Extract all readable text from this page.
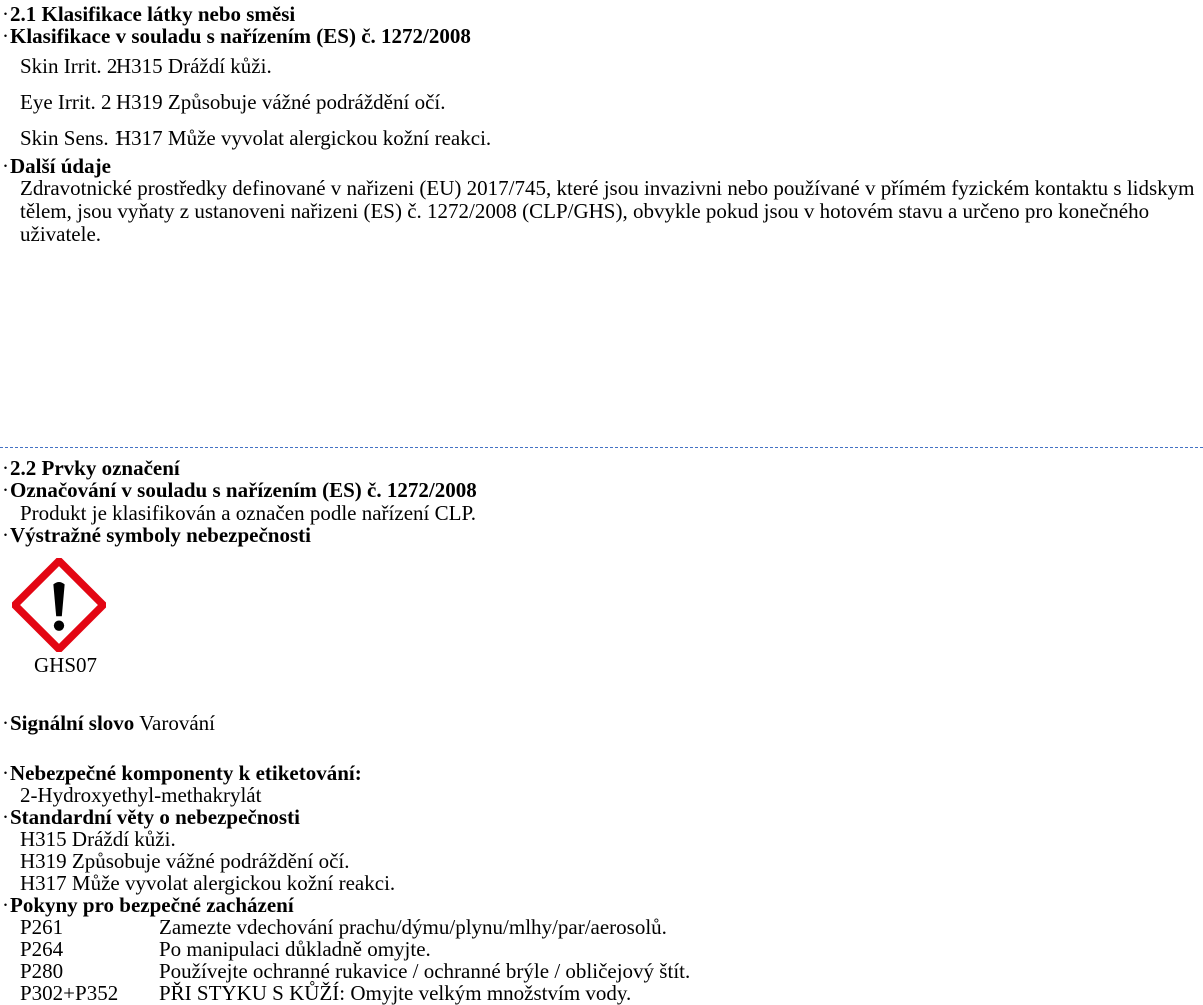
·2.1 Klasifikace látky nebo směsi
·Klasifikace v souladu s nařízením (ES) č. 1272/2008
Skin Irrit. 2H315 Dráždí kůži.
Eye Irrit. 2 H319 Způsobuje vážné podráždění očí.
Skin Sens. 1H317 Může vyvolat alergickou kožní reakci.
·Další údaje
Zdravotnické prostředky definované v nařizeni (EU) 2017/745, které jsou invazivni nebo používané v přímém fyzickém kontaktu s lidskym tělem, jsou vyňaty z ustanoveni nařizeni (ES) č. 1272/2008 (CLP/GHS), obvykle pokud jsou v hotovém stavu a určeno pro konečného uživatele.
·2.2 Prvky označení
·Označování v souladu s nařízením (ES) č. 1272/2008
Produkt je klasifikován a označen podle nařízení CLP.
·Výstražné symboly nebezpečnosti
GHS07
·Signální slovo Varování
·Nebezpečné komponenty k etiketování:
2-Hydroxyethyl-methakrylát
·Standardní věty o nebezpečnosti
H315 Dráždí kůži.
H319 Způsobuje vážné podráždění očí.
H317 Může vyvolat alergickou kožní reakci.
·Pokyny pro bezpečné zacházení
P261	Zamezte vdechování prachu/dýmu/plynu/mlhy/par/aerosolů.
P264	Po manipulaci důkladně omyjte.
P280	Používejte ochranné rukavice / ochranné brýle / obličejový štít.
P302+P352 PŘI STYKU S KŮŽÍ: Omyjte velkým množstvím vody.
